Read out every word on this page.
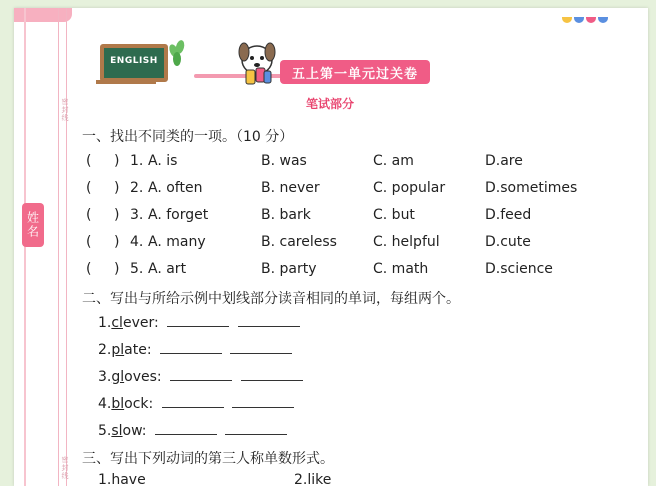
密封线
姓名
密封线
ENGLISH
五上第一单元过关卷
笔试部分
一、找出不同类的一项。（10 分）
( ) 1. A. is	B. was	C. am	D.are
( ) 2. A. often	B. never	C. popular	D.sometimes
( ) 3. A. forget	B. bark	C. but	D.feed
( ) 4. A. many	B. careless	C. helpful	D.cute
( ) 5. A. art	B. party	C. math	D.science
二、写出与所给示例中划线部分读音相同的单词，每组两个。
1.clever:
2.plate:
3.gloves:
4.block:
5.slow:
三、写出下列动词的第三人称单数形式。
1.have	2.like
